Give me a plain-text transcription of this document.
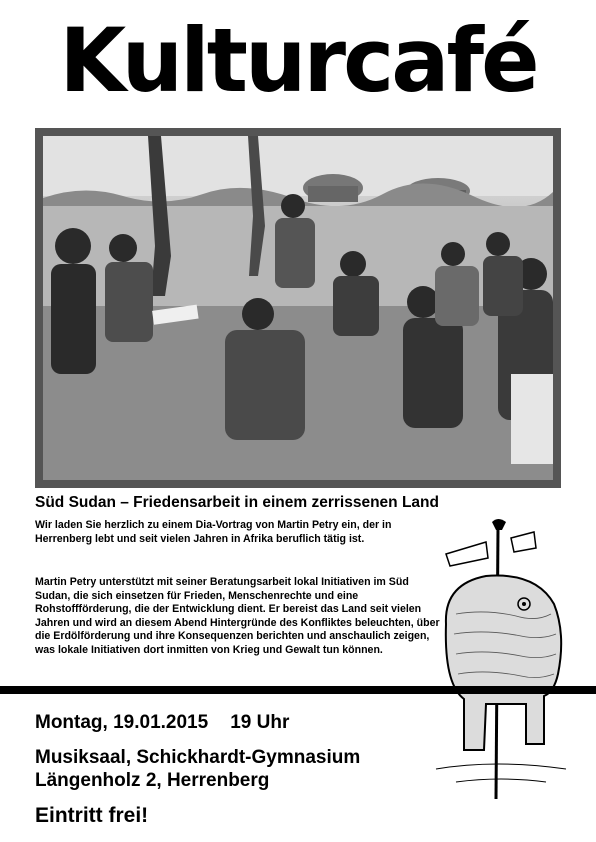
Kulturcafé
Süd Sudan – Friedensarbeit in einem zerrissenen Land
Wir laden Sie herzlich zu einem Dia-Vortrag von Martin Petry ein, der in Herrenberg lebt und seit vielen Jahren in Afrika beruflich tätig ist.
Martin Petry unterstützt mit seiner Beratungsarbeit lokal Initiativen im Süd Sudan, die sich einsetzen für Frieden, Menschenrechte und eine Rohstoffförderung, die der Entwicklung dient. Er bereist das Land seit vielen Jahren und wird an diesem Abend Hintergründe des Konfliktes beleuchten, über die Erdölförderung und ihre Konsequenzen berichten und anschaulich zeigen, was lokale Initiativen dort inmitten von Krieg und Gewalt tun können.
Montag, 19.01.2015 19 Uhr
Musiksaal, Schickhardt-Gymnasium
Längenholz 2, Herrenberg
Eintritt frei!
